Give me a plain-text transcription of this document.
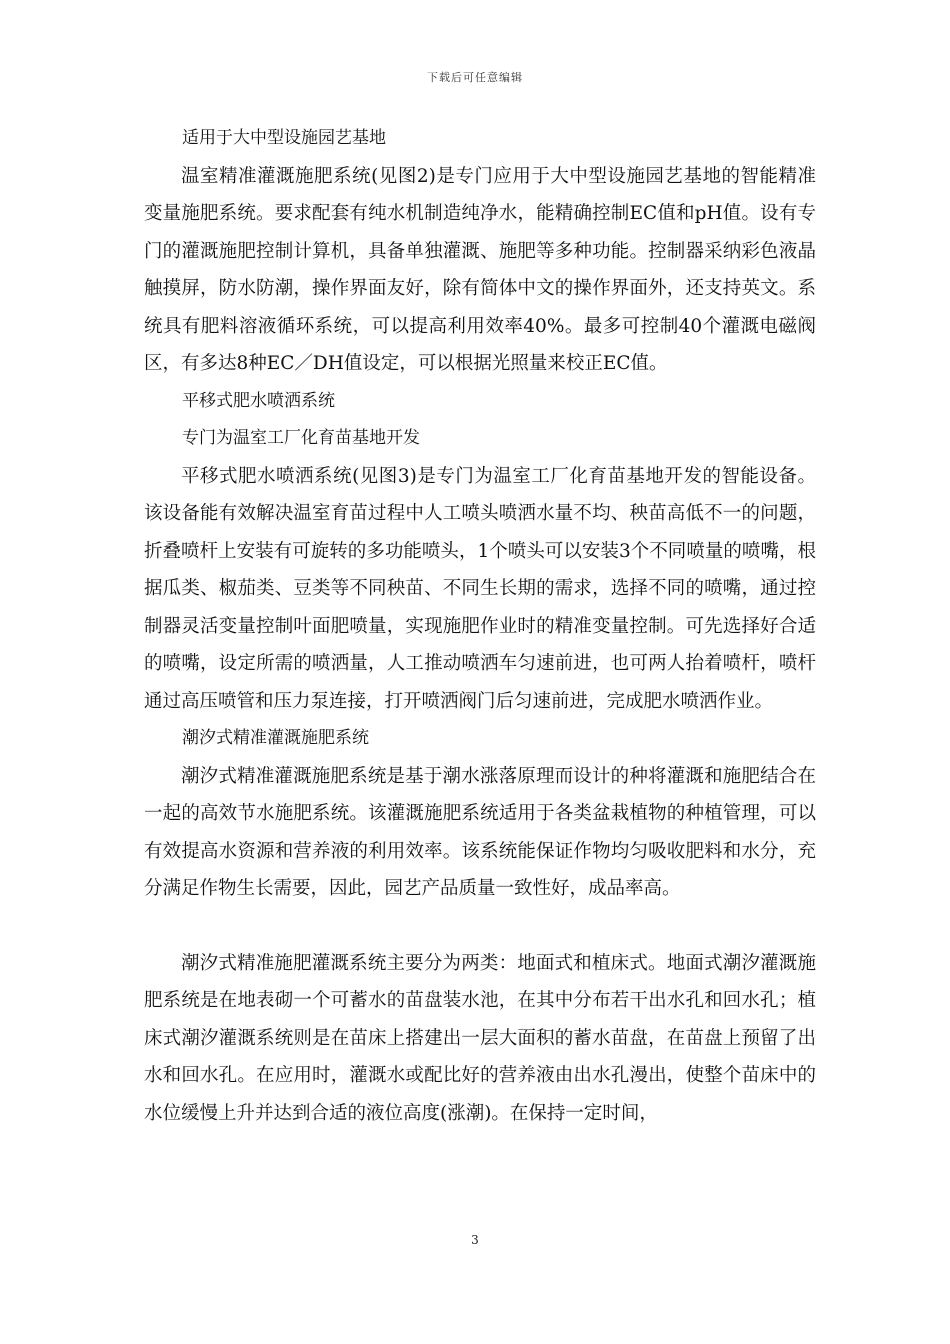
下载后可任意编辑

适用于大中型设施园艺基地

温室精准灌溉施肥系统(见图2)是专门应用于大中型设施园艺基地的智能精准变量施肥系统。要求配套有纯水机制造纯净水，能精确控制EC值和pH值。设有专门的灌溉施肥控制计算机，具备单独灌溉、施肥等多种功能。控制器采纳彩色液晶触摸屏，防水防潮，操作界面友好，除有简体中文的操作界面外，还支持英文。系统具有肥料溶液循环系统，可以提高利用效率40%。最多可控制40个灌溉电磁阀区，有多达8种EC／DH值设定，可以根据光照量来校正EC值。

平移式肥水喷洒系统

专门为温室工厂化育苗基地开发

平移式肥水喷洒系统(见图3)是专门为温室工厂化育苗基地开发的智能设备。该设备能有效解决温室育苗过程中人工喷头喷洒水量不均、秧苗高低不一的问题，折叠喷杆上安装有可旋转的多功能喷头，1个喷头可以安装3个不同喷量的喷嘴，根据瓜类、椒茄类、豆类等不同秧苗、不同生长期的需求，选择不同的喷嘴，通过控制器灵活变量控制叶面肥喷量，实现施肥作业时的精准变量控制。可先选择好合适的喷嘴，设定所需的喷洒量，人工推动喷洒车匀速前进，也可两人抬着喷杆，喷杆通过高压喷管和压力泵连接，打开喷洒阀门后匀速前进，完成肥水喷洒作业。

潮汐式精准灌溉施肥系统

潮汐式精准灌溉施肥系统是基于潮水涨落原理而设计的种将灌溉和施肥结合在一起的高效节水施肥系统。该灌溉施肥系统适用于各类盆栽植物的种植管理，可以有效提高水资源和营养液的利用效率。该系统能保证作物均匀吸收肥料和水分，充分满足作物生长需要，因此，园艺产品质量一致性好，成品率高。

潮汐式精准施肥灌溉系统主要分为两类：地面式和植床式。地面式潮汐灌溉施肥系统是在地表砌一个可蓄水的苗盘装水池，在其中分布若干出水孔和回水孔；植床式潮汐灌溉系统则是在苗床上搭建出一层大面积的蓄水苗盘，在苗盘上预留了出水和回水孔。在应用时，灌溉水或配比好的营养液由出水孔漫出，使整个苗床中的水位缓慢上升并达到合适的液位高度(涨潮)。在保持一定时间，

3
